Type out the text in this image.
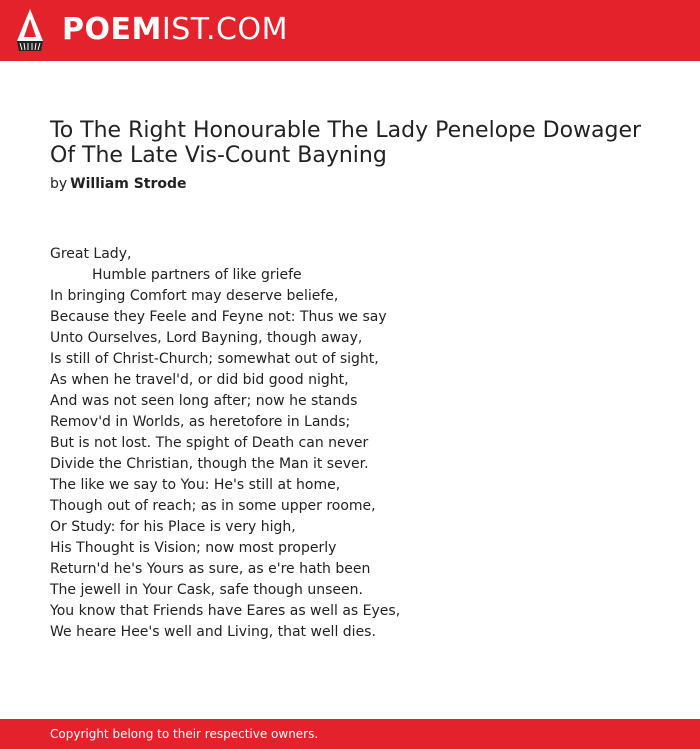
POEMIST.COM
To The Right Honourable The Lady Penelope Dowager Of The Late Vis-Count Bayning
by William Strode
Great Lady,
Humble partners of like griefe
In bringing Comfort may deserve beliefe,
Because they Feele and Feyne not: Thus we say
Unto Ourselves, Lord Bayning, though away,
Is still of Christ-Church; somewhat out of sight,
As when he travel'd, or did bid good night,
And was not seen long after; now he stands
Remov'd in Worlds, as heretofore in Lands;
But is not lost. The spight of Death can never
Divide the Christian, though the Man it sever.
The like we say to You: He's still at home,
Though out of reach; as in some upper roome,
Or Study: for his Place is very high,
His Thought is Vision; now most properly
Return'd he's Yours as sure, as e're hath been
The jewell in Your Cask, safe though unseen.
You know that Friends have Eares as well as Eyes,
We heare Hee's well and Living, that well dies.
Copyright belong to their respective owners.
